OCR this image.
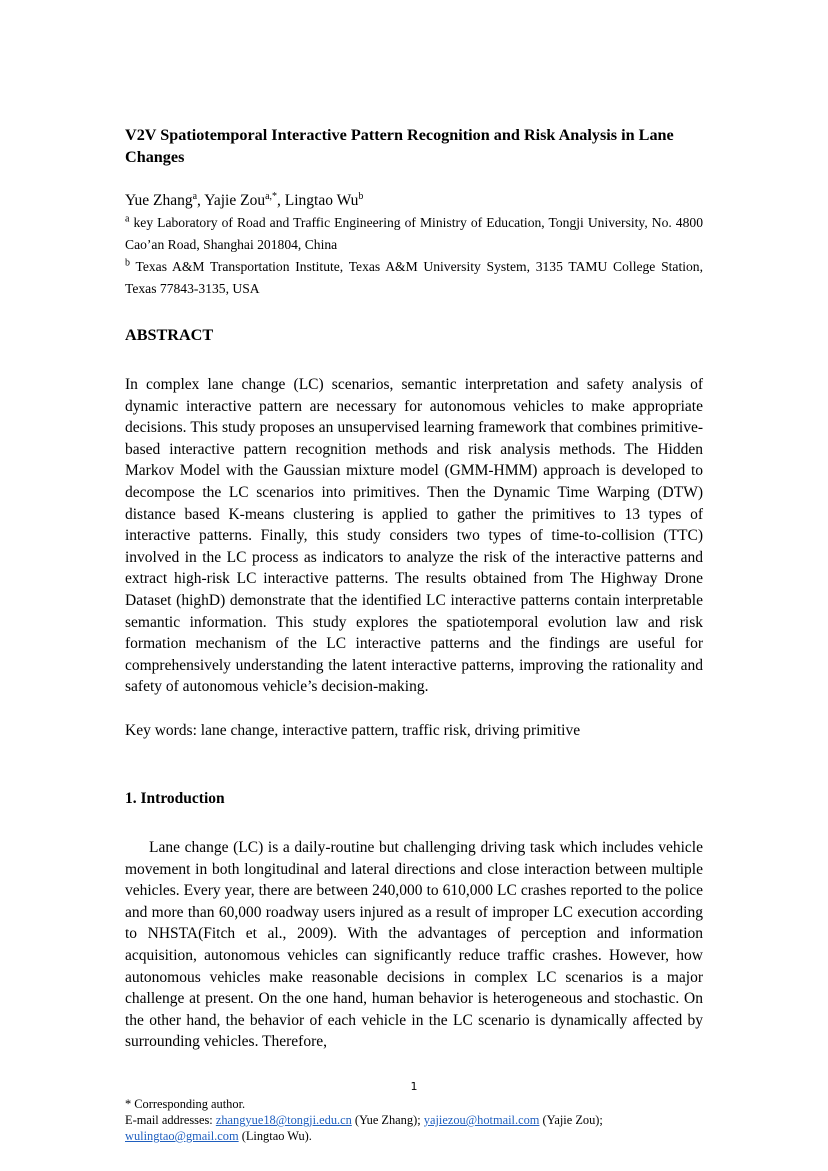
V2V Spatiotemporal Interactive Pattern Recognition and Risk Analysis in Lane Changes
Yue Zhang$^a$, Yajie Zou$^{a,*}$, Lingtao Wu$^b$
$^a$ key Laboratory of Road and Traffic Engineering of Ministry of Education, Tongji University, No. 4800 Cao’an Road, Shanghai 201804, China
$^b$ Texas A&M Transportation Institute, Texas A&M University System, 3135 TAMU College Station, Texas 77843-3135, USA
ABSTRACT
In complex lane change (LC) scenarios, semantic interpretation and safety analysis of dynamic interactive pattern are necessary for autonomous vehicles to make appropriate decisions. This study proposes an unsupervised learning framework that combines primitive-based interactive pattern recognition methods and risk analysis methods. The Hidden Markov Model with the Gaussian mixture model (GMM-HMM) approach is developed to decompose the LC scenarios into primitives. Then the Dynamic Time Warping (DTW) distance based K-means clustering is applied to gather the primitives to 13 types of interactive patterns. Finally, this study considers two types of time-to-collision (TTC) involved in the LC process as indicators to analyze the risk of the interactive patterns and extract high-risk LC interactive patterns. The results obtained from The Highway Drone Dataset (highD) demonstrate that the identified LC interactive patterns contain interpretable semantic information. This study explores the spatiotemporal evolution law and risk formation mechanism of the LC interactive patterns and the findings are useful for comprehensively understanding the latent interactive patterns, improving the rationality and safety of autonomous vehicle’s decision-making.
Key words: lane change, interactive pattern, traffic risk, driving primitive
1. Introduction
Lane change (LC) is a daily-routine but challenging driving task which includes vehicle movement in both longitudinal and lateral directions and close interaction between multiple vehicles. Every year, there are between 240,000 to 610,000 LC crashes reported to the police and more than 60,000 roadway users injured as a result of improper LC execution according to NHSTA(Fitch et al., 2009). With the advantages of perception and information acquisition, autonomous vehicles can significantly reduce traffic crashes. However, how autonomous vehicles make reasonable decisions in complex LC scenarios is a major challenge at present. On the one hand, human behavior is heterogeneous and stochastic. On the other hand, the behavior of each vehicle in the LC scenario is dynamically affected by surrounding vehicles. Therefore,
1
* Corresponding author.
E-mail addresses: zhangyue18@tongji.edu.cn (Yue Zhang); yajiezou@hotmail.com (Yajie Zou);
wulingtao@gmail.com (Lingtao Wu).
